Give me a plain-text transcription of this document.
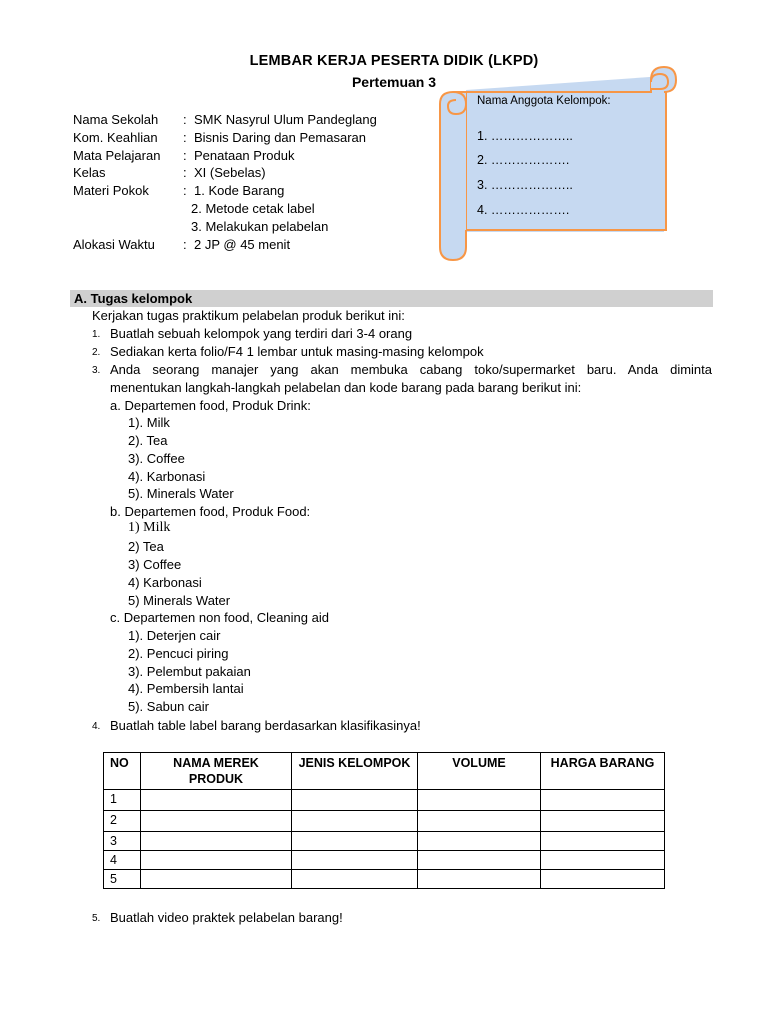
LEMBAR KERJA PESERTA DIDIK (LKPD)
Pertemuan 3
Nama Sekolah : SMK Nasyrul Ulum Pandeglang
Kom. Keahlian : Bisnis Daring dan Pemasaran
Mata Pelajaran : Penataan Produk
Kelas	: XI (Sebelas)
Materi Pokok	: 1. Kode Barang
2. Metode cetak label
3. Melakukan pelabelan
Alokasi Waktu : 2 JP @ 45 menit
Nama Anggota Kelompok:
1. ………………..
2. ……………….
3. ………………..
4. ……………….
A. Tugas kelompok
Kerjakan tugas praktikum pelabelan produk berikut ini:
1. Buatlah sebuah kelompok yang terdiri dari 3-4 orang
2. Sediakan kerta folio/F4 1 lembar untuk masing-masing kelompok
3. Anda seorang manajer yang akan membuka cabang toko/supermarket baru. Anda diminta
menentukan langkah-langkah pelabelan dan kode barang pada barang berikut ini:
a. Departemen food, Produk Drink:
1). Milk
2). Tea
3). Coffee
4). Karbonasi
5). Minerals Water
b. Departemen food, Produk Food:
1) Milk
2) Tea
3) Coffee
4) Karbonasi
5) Minerals Water
c. Departemen non food, Cleaning aid
1). Deterjen cair
2). Pencuci piring
3). Pelembut pakaian
4). Pembersih lantai
5). Sabun cair
4. Buatlah table label barang berdasarkan klasifikasinya!
NO	NAMA MEREK PRODUK	JENIS KELOMPOK	VOLUME	HARGA BARANG
1				
2				
3				
4				
5				
5. Buatlah video praktek pelabelan barang!
